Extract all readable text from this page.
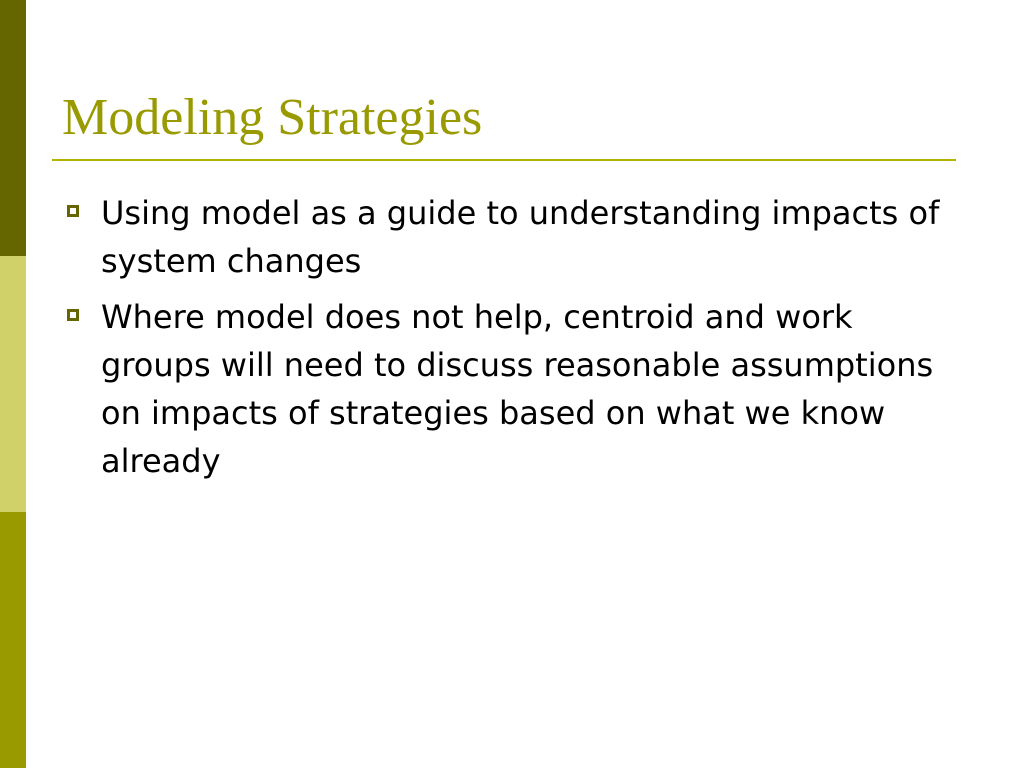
Modeling Strategies
Using model as a guide to understanding impacts of system changes
Where model does not help, centroid and work groups will need to discuss reasonable assumptions on impacts of strategies based on what we know already
